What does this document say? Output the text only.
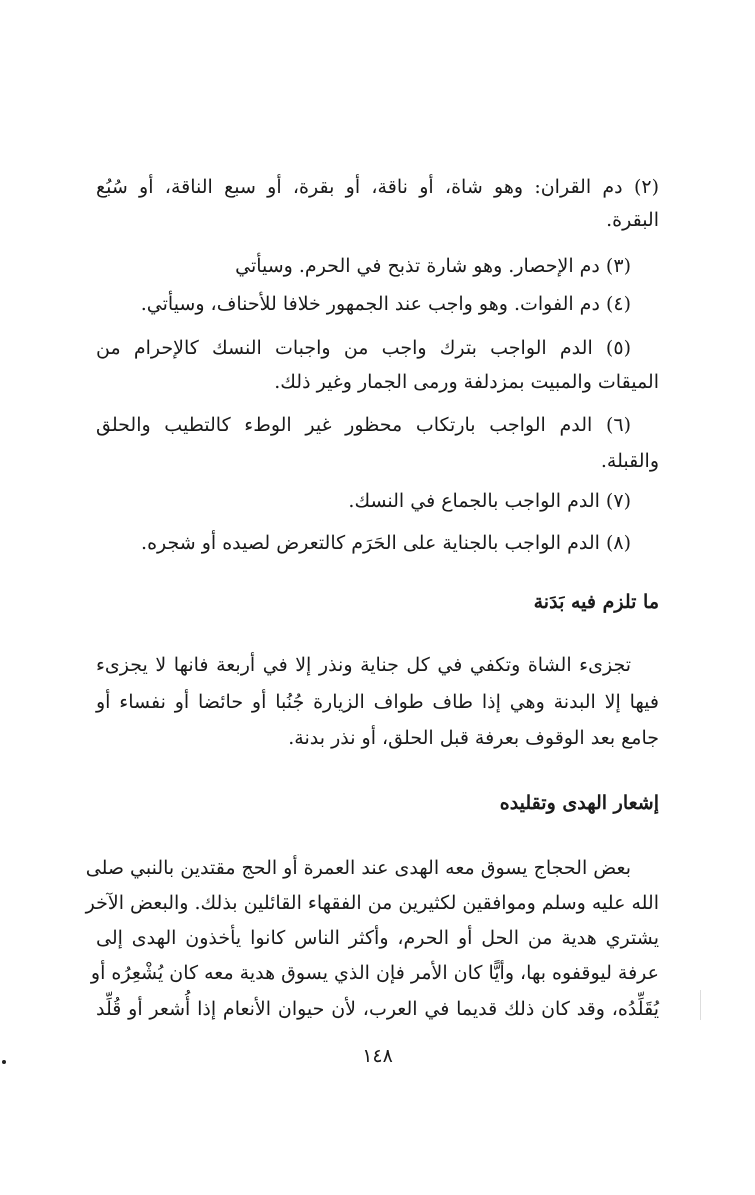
(٢) دم القران: وهو شاة، أو ناقة، أو بقرة، أو سبع الناقة، أو سُبُع
البقرة.
(٣) دم الإحصار. وهو شارة تذبح في الحرم. وسيأتي
(٤) دم الفوات. وهو واجب عند الجمهور خلافا للأحناف، وسيأتي.
(٥) الدم الواجب بترك واجب من واجبات النسك كالإحرام من
الميقات والمبيت بمزدلفة ورمى الجمار وغير ذلك.
(٦) الدم الواجب بارتكاب محظور غير الوطء كالتطيب والحلق
والقبلة.
(٧) الدم الواجب بالجماع في النسك.
(٨) الدم الواجب بالجناية على الحَرَم كالتعرض لصيده أو شجره.
ما تلزم فيه بَدَنة
تجزىء الشاة وتكفي في كل جناية ونذر إلا في أربعة فانها لا يجزىء
فيها إلا البدنة وهي إذا طاف طواف الزيارة جُنُبا أو حائضا أو نفساء أو
جامع بعد الوقوف بعرفة قبل الحلق، أو نذر بدنة.
إشعار الهدى وتقليده
بعض الحجاج يسوق معه الهدى عند العمرة أو الحج مقتدين بالنبي صلى
الله عليه وسلم وموافقين لكثيرين من الفقهاء القائلين بذلك. والبعض الآخر
يشتري هدية من الحل أو الحرم، وأكثر الناس كانوا يأخذون الهدى إلى
عرفة ليوقفوه بها، وأيًّا كان الأمر فإن الذي يسوق هدية معه كان يُشْعِرُه أو
يُقَلِّدُه، وقد كان ذلك قديما في العرب، لأن حيوان الأنعام إذا أُشعر أو قُلِّد
١٤٨
